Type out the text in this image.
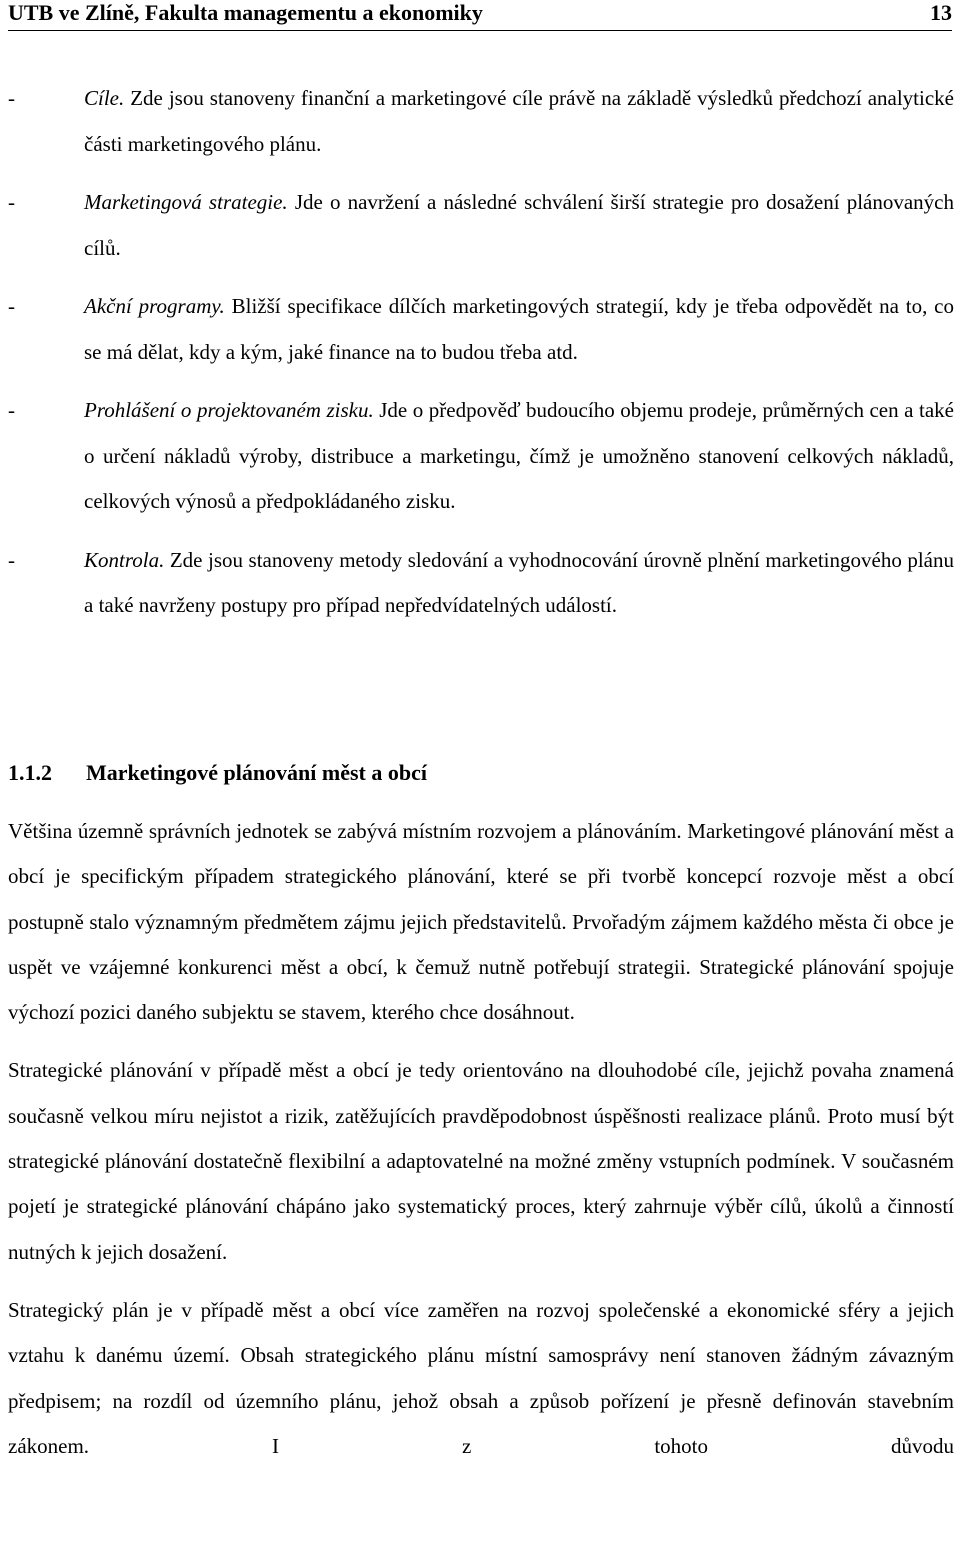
UTB ve Zlíně, Fakulta managementu a ekonomiky	13
-	Cíle. Zde jsou stanoveny finanční a marketingové cíle právě na základě výsledků předchozí analytické části marketingového plánu.
-	Marketingová strategie. Jde o navržení a následné schválení širší strategie pro dosažení plánovaných cílů.
-	Akční programy. Bližší specifikace dílčích marketingových strategií, kdy je třeba odpovědět na to, co se má dělat, kdy a kým, jaké finance na to budou třeba atd.
-	Prohlášení o projektovaném zisku. Jde o předpověď budoucího objemu prodeje, průměrných cen a také o určení nákladů výroby, distribuce a marketingu, čímž je umožněno stanovení celkových nákladů, celkových výnosů a předpokládaného zisku.
-	Kontrola. Zde jsou stanoveny metody sledování a vyhodnocování úrovně plnění marketingového plánu a také navrženy postupy pro případ nepředvídatelných událostí.
1.1.2 Marketingové plánování měst a obcí

Většina územně správních jednotek se zabývá místním rozvojem a plánováním. Marketingové plánování měst a obcí je specifickým případem strategického plánování, které se při tvorbě koncepcí rozvoje měst a obcí postupně stalo významným předmětem zájmu jejich představitelů. Prvořadým zájmem každého města či obce je uspět ve vzájemné konkurenci měst a obcí, k čemuž nutně potřebují strategii. Strategické plánování spojuje výchozí pozici daného subjektu se stavem, kterého chce dosáhnout.

Strategické plánování v případě měst a obcí je tedy orientováno na dlouhodobé cíle, jejichž povaha znamená současně velkou míru nejistot a rizik, zatěžujících pravděpodobnost úspěšnosti realizace plánů. Proto musí být strategické plánování dostatečně flexibilní a adaptovatelné na možné změny vstupních podmínek. V současném pojetí je strategické plánování chápáno jako systematický proces, který zahrnuje výběr cílů, úkolů a činností nutných k jejich dosažení.

Strategický plán je v případě měst a obcí více zaměřen na rozvoj společenské a ekonomické sféry a jejich vztahu k danému území. Obsah strategického plánu místní samosprávy není stanoven žádným závazným předpisem; na rozdíl od územního plánu, jehož obsah a způsob pořízení je přesně definován stavebním zákonem. I z tohoto důvodu
